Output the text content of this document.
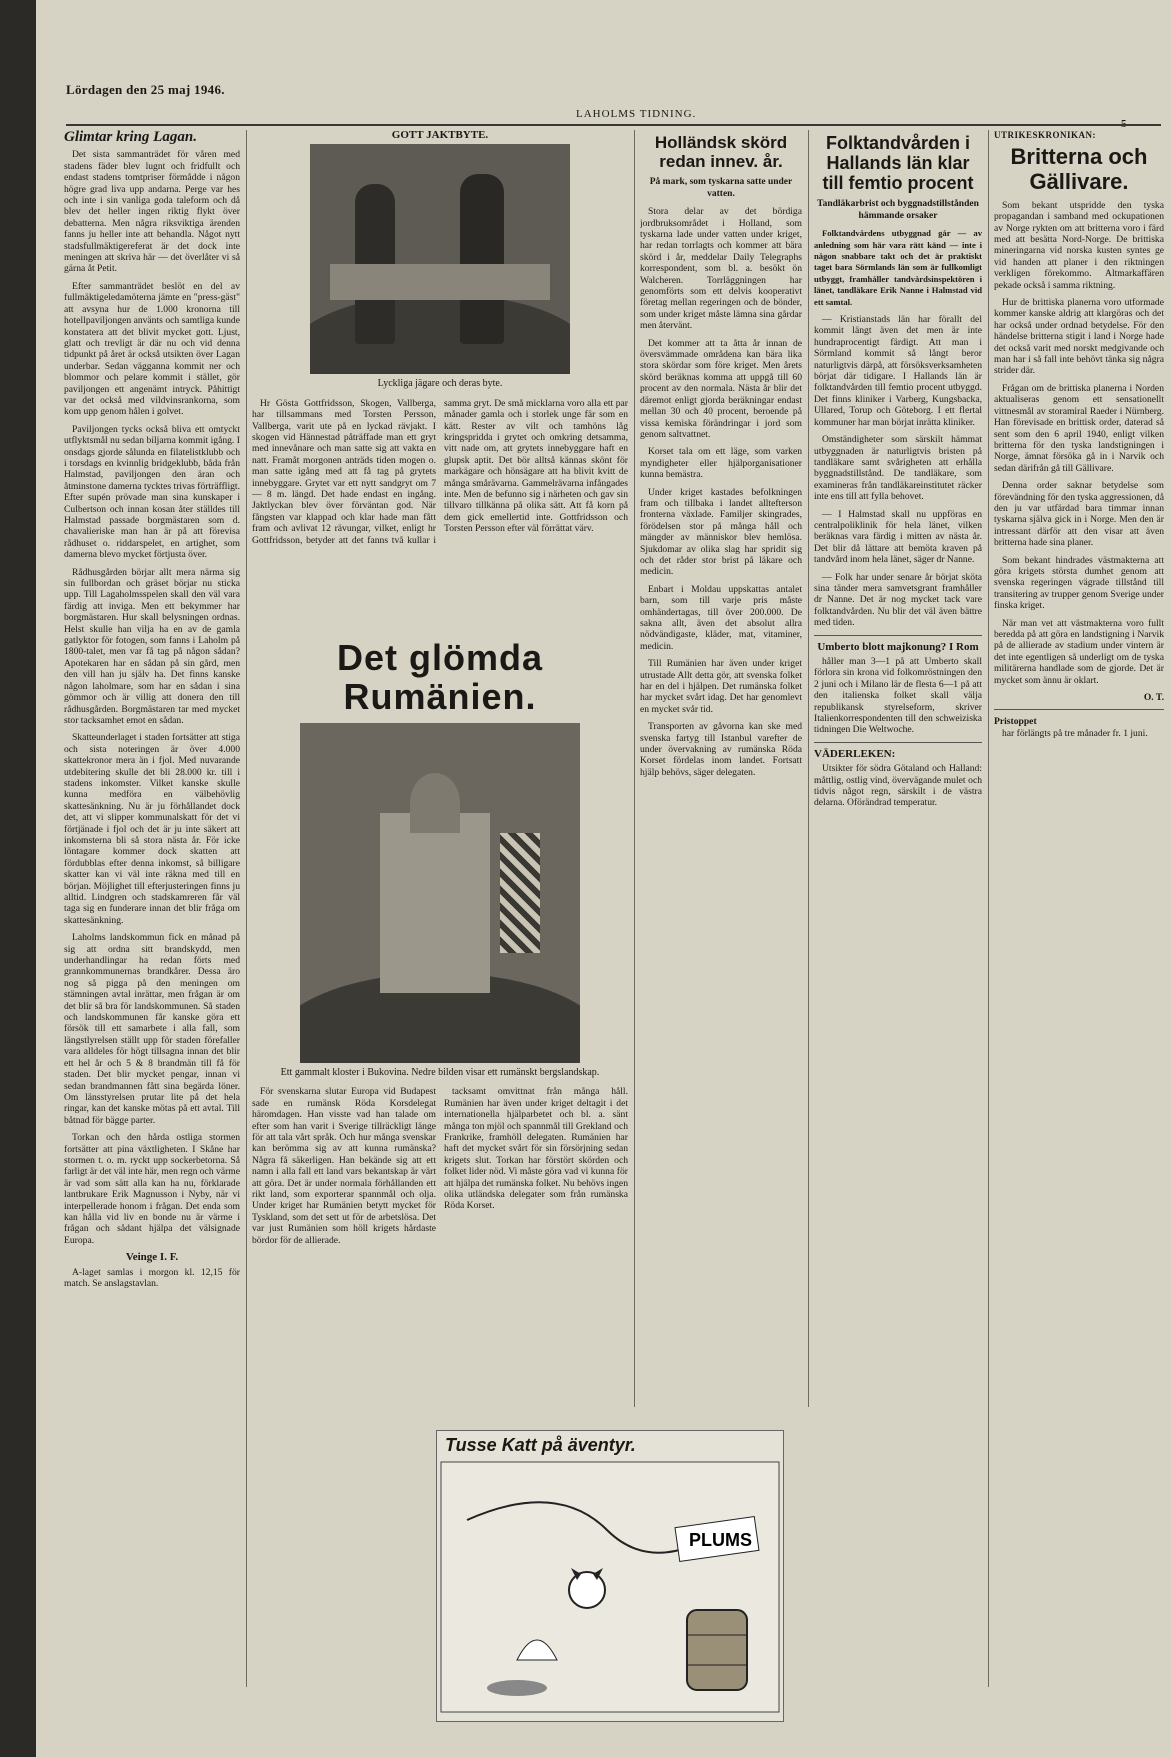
Lördagen den 25 maj 1946.
LAHOLMS TIDNING.
5
Glimtar kring Lagan.

Det sista sammanträdet för våren med stadens fäder blev lugnt och fridfullt och endast stadens tomtpriser förmådde i någon högre grad liva upp andarna. Perge var hes och inte i sin vanliga goda taleform och då blev det heller ingen riktig flykt över debatterna. Men några riksviktiga ärenden fanns ju heller inte att behandla. Något nytt stadsfullmäktigereferat är det dock inte meningen att skriva här — det överlåter vi så gärna åt Petit.

Efter sammanträdet beslöt en del av fullmäktigeledamöterna jämte en "press-gäst" att avsyna hur de 1.000 kronorna till hotellpaviljongen använts och samtliga kunde konstatera att det blivit mycket gott. Ljust, glatt och trevligt är där nu och vid denna tidpunkt på året är också utsikten över Lagan underbar. Sedan vägganna kommit ner och blommor och pelare kommit i stället, gör paviljongen ett angenämt intryck. Påhittigt var det också med vildvinsrankorna, som kom upp genom hålen i golvet.

Paviljongen tycks också bliva ett omtyckt utflyktsmål nu sedan biljarna kommit igång. I onsdags gjorde sålunda en filatelistklubb och i torsdags en kvinnlig bridgeklubb, båda från Halmstad, paviljongen den äran och åtminstone damerna tycktes trivas förträffligt. Efter supén prövade man sina kunskaper i Culbertson och innan kosan åter ställdes till Halmstad passade borgmästaren som d. chavalieriske man han är på att förevisa rådhuset o. riddarspelet, en artighet, som damerna blevo mycket förtjusta över.

Rådhusgården börjar allt mera närma sig sin fullbordan och gräset börjar nu sticka upp. Till Lagaholmsspelen skall den väl vara färdig att inviga. Men ett bekymmer har borgmästaren. Hur skall belysningen ordnas. Helst skulle han vilja ha en av de gamla gatlyktor för fotogen, som fanns i Laholm på 1800-talet, men var få tag på någon sådan? Apotekaren har en sådan på sin gård, men den vill han ju själv ha. Det finns kanske någon laholmare, som har en sådan i sina gömmor och är villig att donera den till rådhusgården. Borgmästaren tar med mycket stor tacksamhet emot en sådan.

Skatteunderlaget i staden fortsätter att stiga och sista noteringen är över 4.000 skattekronor mera än i fjol. Med nuvarande utdebitering skulle det bli 28.000 kr. till i stadens inkomster. Vilket kanske skulle kunna medföra en välbehövlig skattesänkning. Nu är ju förhållandet dock det, att vi slipper kommunalskatt för det vi förtjänade i fjol och det är ju inte säkert att inkomsterna bli så stora nästa år. För icke löntagare kommer dock skatten att fördubblas efter denna inkomst, så billigare skatter kan vi väl inte räkna med till en början. Möjlighet till efterjusteringen finns ju alltid. Lindgren och stadskamreren får väl taga sig en funderare innan det blir fråga om skattesänkning.

Laholms landskommun fick en månad på sig att ordna sitt brandskydd, men underhandlingar ha redan förts med grannkommunernas brandkårer. Dessa äro nog så pigga på den meningen om stämningen avtal inrättar, men frågan är om det blir så bra för landskommunen. Så staden och landskommunen får kanske göra ett försök till ett samarbete i alla fall, som längstlyrelsen ställt upp för staden förefaller vara alldeles för högt tillsagna innan det blir ett hel år och 5 & 8 brandmän till få för staden. Det blir mycket pengar, innan vi sedan brandmannen fått sina begärda löner. Om länsstyrelsen prutar lite på det hela ringar, kan det kanske mötas på ett avtal. Till båtnad för bägge parter.

Torkan och den hårda ostliga stormen fortsätter att pina växtligheten. I Skåne har stormen t. o. m. ryckt upp sockerbetorna. Så farligt är det väl inte här, men regn och värme är vad som sätt alla kan ha nu, förklarade lantbrukare Erik Magnusson i Nyby, när vi interpellerade honom i frågan. Det enda som kan hålla vid liv en bonde nu är värme i frågan och sådant hjälpa det välsignade Europa.

Veinge I. F.

A-laget samlas i morgon kl. 12,15 för match. Se anslagstavlan.

GOTT JAKTBYTE.
Lyckliga jägare och deras byte.

Hr Gösta Gottfridsson, Skogen, Vallberga, har tillsammans med Torsten Persson, Vallberga, varit ute på en lyckad rävjakt. I skogen vid Hännestad påträffade man ett gryt med innevånare och man satte sig att vakta en natt. Framåt morgonen anträds tiden mogen o. man satte igång med att få tag på grytets innebyggare. Grytet var ett nytt sandgryt om 7 — 8 m. längd. Det hade endast en ingång. Jaktlyckan blev över förväntan god. När fångsten var klappad och klar hade man fått fram och avlivat 12 rävungar, vilket, enligt hr Gottfridsson, betyder att det fanns två kullar i samma gryt. De små micklarna voro alla ett par månader gamla och i storlek unge fär som en kätt. Rester av vilt och tamhöns låg kringspridda i grytet och omkring detsamma, vitt nade om, att grytets innebyggare haft en glupsk aptit. Det bör alltså kännas skönt för markägare och hönsägare att ha blivit kvitt de många smårävarna. Gammelrävarna infångades inte. Men de befunno sig i närheten och gav sin tillvaro tillkänna på olika sätt. Att få korn på dem gick emellertid inte. Gottfridsson och Torsten Persson efter väl förrättat värv.

Det glömda Rumänien.
Ett gammalt kloster i Bukovina. Nedre bilden visar ett rumänskt bergslandskap.

För svenskarna slutar Europa vid Budapest sade en rumänsk Röda Korsdelegat häromdagen. Han visste vad han talade om efter som han varit i Sverige tillräckligt länge för att tala vårt språk. Och hur många svenskar kan berömma sig av att kunna rumänska? Några få säkerligen. Han bekände sig att ett namn i alla fall ett land vars bekantskap är värt att göra. Det är under normala förhållanden ett rikt land, som exporterar spannmål och olja. Under kriget har Rumänien betytt mycket för Tyskland, som det sett ut för de arbetslösa. Det var just Rumänien som höll krigets hårdaste bördor för de allierade.

tacksamt omvittnat från många håll. Rumänien har även under kriget deltagit i det internationella hjälparbetet och bl. a. sänt många ton mjöl och spannmål till Grekland och Frankrike, framhöll delegaten. Rumänien har haft det mycket svårt för sin försörjning sedan krigets slut. Torkan har förstört skörden och folket lider nöd. Vi måste göra vad vi kunna för att hjälpa det rumänska folket. Nu behövs ingen olika utländska delegater som från rumänska Röda Korset.

Holländsk skörd redan innev. år.
På mark, som tyskarna satte under vatten.

Stora delar av det bördiga jordbruksområdet i Holland, som tyskarna lade under vatten under kriget, har redan torrlagts och kommer att bära skörd i år, meddelar Daily Telegraphs korrespondent, som bl. a. besökt ön Walcheren. Torrläggningen har genomförts som ett delvis kooperativt företag mellan regeringen och de bönder, som under kriget måste lämna sina gårdar men återvänt.

Det kommer att ta åtta år innan de översvämmade områdena kan bära lika stora skördar som före kriget. Men årets skörd beräknas komma att uppgå till 60 procent av den normala. Nästa år blir det däremot enligt gjorda beräkningar endast mellan 30 och 40 procent, beroende på vissa kemiska förändringar i jord som genom saltvattnet.

Korset tala om ett läge, som varken myndigheter eller hjälporganisationer kunna bemästra.

Under kriget kastades befolkningen fram och tillbaka i landet alltefterson fronterna växlade. Familjer skingrades, förödelsen stor på många håll och mängder av människor blev hemlösa. Sjukdomar av olika slag har spridit sig och det råder stor brist på läkare och medicin.

Enbart i Moldau uppskattas antalet barn, som till varje pris måste omhändertagas, till över 200.000. De sakna allt, även det absolut allra nödvändigaste, kläder, mat, vitaminer, medicin.

Till Rumänien har även under kriget utrustade Allt detta gör, att svenska folket har en del i hjälpen. Det rumänska folket har mycket svårt idag. Det har genomlevt en mycket svår tid.

Transporten av gåvorna kan ske med svenska fartyg till Istanbul varefter de under övervakning av rumänska Röda Korset fördelas inom landet. Fortsatt hjälp behövs, säger delegaten.

Folktandvården i Hallands län klar till femtio procent
Tandläkarbrist och byggnadstillstånden hämmande orsaker

Folktandvårdens utbyggnad går — av anledning som här vara rätt känd — inte i någon snabbare takt och det är praktiskt taget bara Sörmlands län som är fullkomligt utbyggt, framhåller tandvårdsinspektören i länet, tandläkare Erik Nanne i Halmstad vid ett samtal.

— Kristianstads län har förallt del kommit längt även det men är inte hundraprocentigt färdigt. Att man i Sörmland kommit så långt beror naturligtvis därpå, att försöksverksamheten börjat där tidigare. I Hallands län är folktandvården till femtio procent utbyggd. Det finns kliniker i Varberg, Kungsbacka, Ullared, Torup och Göteborg. I ett flertal kommuner har man börjat inrätta kliniker.

Omständigheter som särskilt hämmat utbyggnaden är naturligtvis bristen på tandläkare samt svårigheten att erhålla byggnadstillstånd. De tandläkare, som examineras från tandläkareinstitutet räcker inte ens till att fylla behovet.

— I Halmstad skall nu uppföras en centralpoliklinik för hela länet, vilken beräknas vara färdig i mitten av nästa år. Det blir då lättare att bemöta kraven på tandvård inom hela länet, säger dr Nanne.

— Folk har under senare år börjat sköta sina tänder mera samvetsgrant framhåller dr Nanne. Det är nog mycket tack vare folktandvården. Nu blir det väl även bättre med tiden.

Umberto blott majkonung? I Rom

håller man 3—1 på att Umberto skall förlora sin krona vid folkomröstningen den 2 juni och i Milano lär de flesta 6—1 på att den italienska folket skall välja republikansk styrelseform, skriver Italienkorrespondenten till den schweiziska tidningen Die Weltwoche.

VÄDERLEKEN:

Utsikter för södra Götaland och Halland: måttlig, ostlig vind, övervägande mulet och tidvis något regn, särskilt i de västra delarna. Oförändrad temperatur.

UTRIKESKRONIKAN:
Britterna och Gällivare.

Som bekant utspridde den tyska propagandan i samband med ockupationen av Norge rykten om att britterna voro i färd med att besätta Nord-Norge. De brittiska mineringarna vid norska kusten syntes ge vid handen att planer i den riktningen verkligen förekommo. Altmarkaffären pekade också i samma riktning.

Hur de brittiska planerna voro utformade kommer kanske aldrig att klargöras och det har också under ordnad betydelse. För den händelse britterna stigit i land i Norge hade det också varit med norskt medgivande och man har i så fall inte behövt tänka sig några strider där.

Frågan om de brittiska planerna i Norden aktualiseras genom ett sensationellt vittnesmål av storamiral Raeder i Nürnberg. Han förevisade en brittisk order, daterad så sent som den 6 april 1940, enligt vilken britterna för den tyska landstigningen i Norge, ämnat försöka gå in i Narvik och sedan därifrån gå till Gällivare.

Denna order saknar betydelse som förevändning för den tyska aggressionen, då den ju var utfärdad bara timmar innan tyskarna själva gick in i Norge. Men den är intressant därför att den visar att även britterna hade sina planer.

Som bekant hindrades västmakterna att göra krigets största dumhet genom att svenska regeringen vägrade tillstånd till transitering av trupper genom Sverige under finska kriget.

När man vet att västmakterna voro fullt beredda på att göra en landstigning i Narvik på de allierade av stadium under vintern är det inte egentligen så underligt om de tyska militärerna handlade som de gjorde. Det är mycket som ännu är oklart.

O. T.
Pristoppet

har förlängts på tre månader fr. 1 juni.

Tusse Katt på äventyr.
PLUMS
